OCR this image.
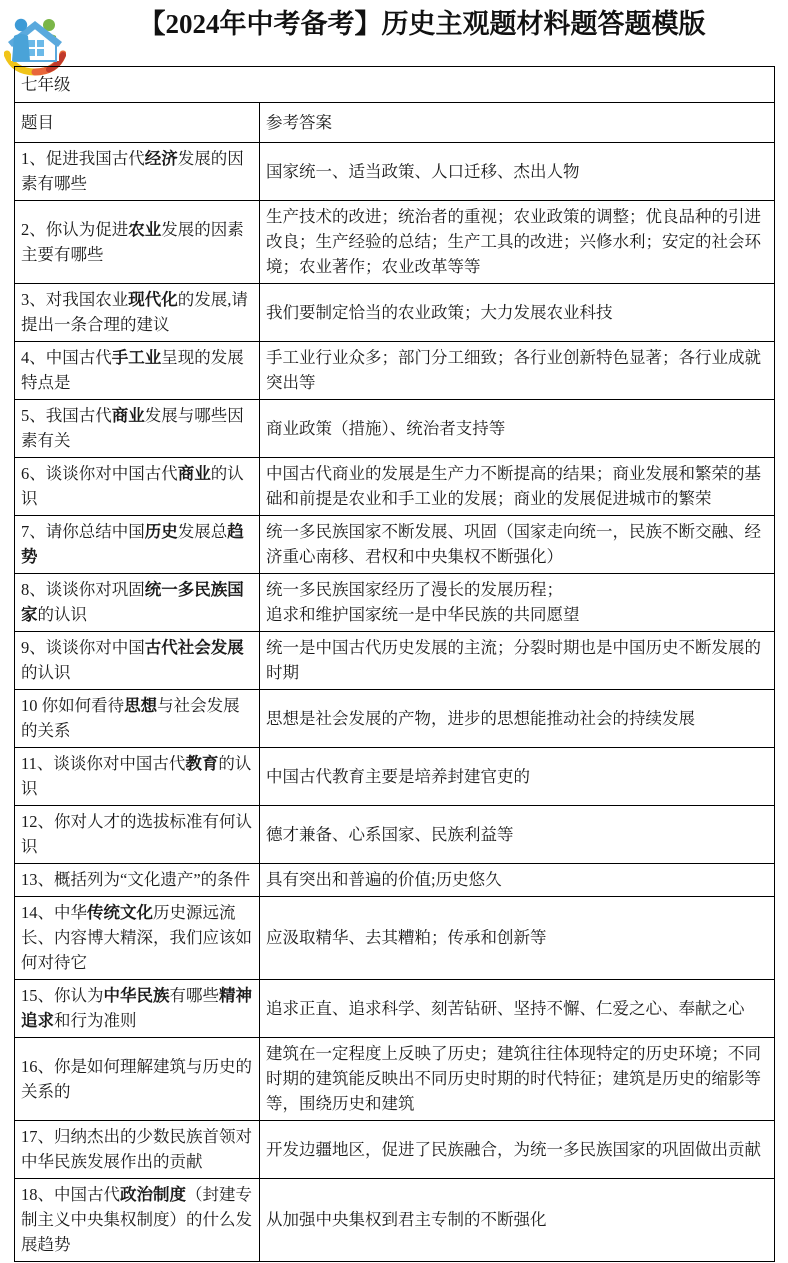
【2024年中考备考】历史主观题材料题答题模版
七年级	
题目	参考答案

1、促进我国古代经济发展的因素有哪些	国家统一、适当政策、人口迁移、杰出人物

2、你认为促进农业发展的因素主要有哪些	生产技术的改进；统治者的重视；农业政策的调整；优良品种的引进改良；生产经验的总结；生产工具的改进；兴修水利；安定的社会环境；农业著作；农业改革等等

3、对我国农业现代化的发展,请提出一条合理的建议	我们要制定恰当的农业政策；大力发展农业科技

4、中国古代手工业呈现的发展特点是	手工业行业众多；部门分工细致；各行业创新特色显著；各行业成就突出等

5、我国古代商业发展与哪些因素有关	商业政策（措施）、统治者支持等

6、谈谈你对中国古代商业的认识	中国古代商业的发展是生产力不断提高的结果；商业发展和繁荣的基础和前提是农业和手工业的发展；商业的发展促进城市的繁荣

7、请你总结中国历史发展总趋势	统一多民族国家不断发展、巩固（国家走向统一，民族不断交融、经济重心南移、君权和中央集权不断强化）

8、谈谈你对巩固统一多民族国家的认识	统一多民族国家经历了漫长的发展历程；
追求和维护国家统一是中华民族的共同愿望

9、谈谈你对中国古代社会发展的认识	统一是中国古代历史发展的主流；分裂时期也是中国历史不断发展的时期

10 你如何看待思想与社会发展的关系	思想是社会发展的产物，进步的思想能推动社会的持续发展

11、谈谈你对中国古代教育的认识	中国古代教育主要是培养封建官吏的

12、你对人才的选拔标准有何认识	德才兼备、心系国家、民族利益等

13、概括列为“文化遗产”的条件	具有突出和普遍的价值;历史悠久

14、中华传统文化历史源远流长、内容博大精深，我们应该如何对待它	应汲取精华、去其糟粕；传承和创新等

15、你认为中华民族有哪些精神追求和行为准则	追求正直、追求科学、刻苦钻研、坚持不懈、仁爱之心、奉献之心

16、你是如何理解建筑与历史的关系的	建筑在一定程度上反映了历史；建筑往往体现特定的历史环境；不同时期的建筑能反映出不同历史时期的时代特征；建筑是历史的缩影等等，围绕历史和建筑

17、归纳杰出的少数民族首领对中华民族发展作出的贡献	开发边疆地区，促进了民族融合，为统一多民族国家的巩固做出贡献

18、中国古代政治制度（封建专制主义中央集权制度）的什么发展趋势	从加强中央集权到君主专制的不断强化
